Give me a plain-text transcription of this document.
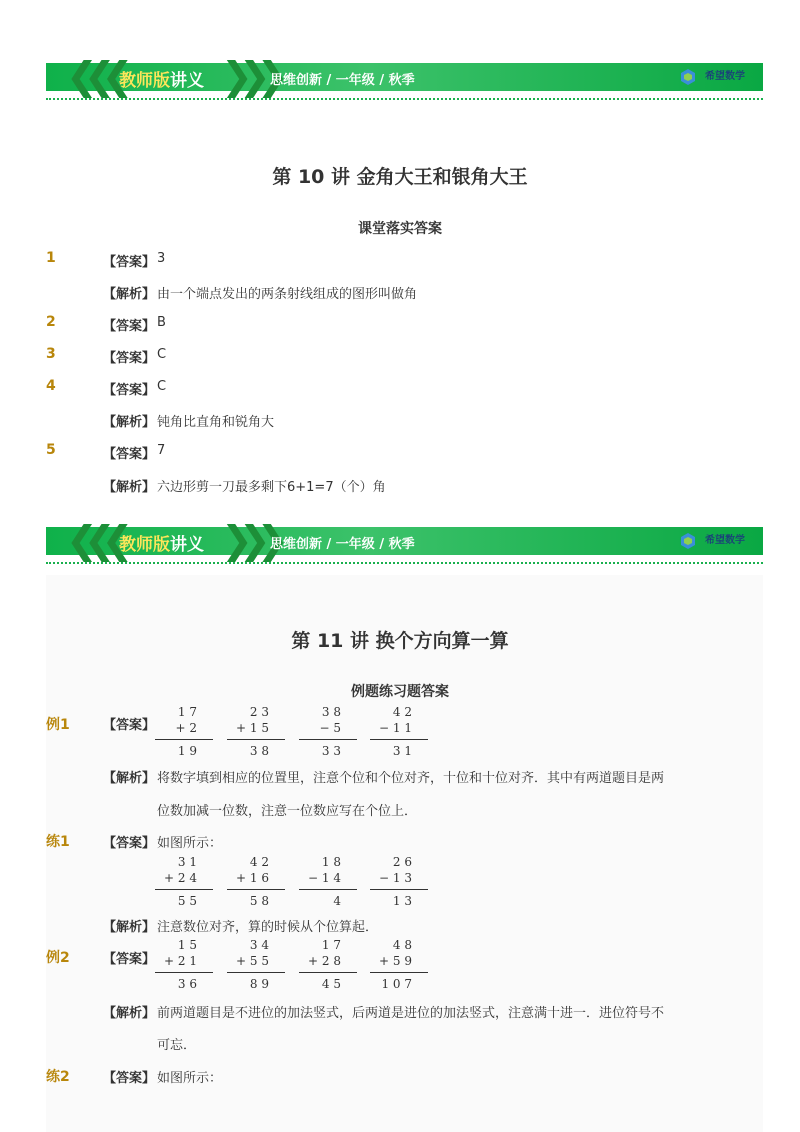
❮❮❮ 教师版讲义 ❯❯❯
思维创新 / 一年级 / 秋季	希望数学
第 10 讲 金角大王和银角大王
课堂落实答案
1	【答案】 3
【解析】 由一个端点发出的两条射线组成的图形叫做角
2	【答案】 B
3	【答案】 C
4	【答案】 C
【解析】 钝角比直角和锐角大
5	【答案】 7
【解析】 六边形剪一刀最多剩下6+1=7（个）角
❮❮❮ 教师版讲义 ❯❯❯
思维创新 / 一年级 / 秋季	希望数学
第 11 讲 换个方向算一算
例题练习题答案
例1	【答案】
1 7
+ 2
1 9
2 3
+ 1 5
3 8
3 8
− 5
3 3
4 2
− 1 1
3 1
【解析】 将数字填到相应的位置里，注意个位和个位对齐，十位和十位对齐．其中有两道题目是两
位数加减一位数，注意一位数应写在个位上．
练1	【答案】 如图所示：
3 1
+ 2 4
5 5
4 2
+ 1 6
5 8
1 8
− 1 4
4
2 6
− 1 3
1 3
【解析】 注意数位对齐，算的时候从个位算起．
例2	【答案】
1 5
+ 2 1
3 6
3 4
+ 5 5
8 9
1 7
+ 2 8
4 5
4 8
+ 5 9
1 0 7
【解析】 前两道题目是不进位的加法竖式，后两道是进位的加法竖式，注意满十进一．进位符号不
可忘．
练2	【答案】 如图所示：
